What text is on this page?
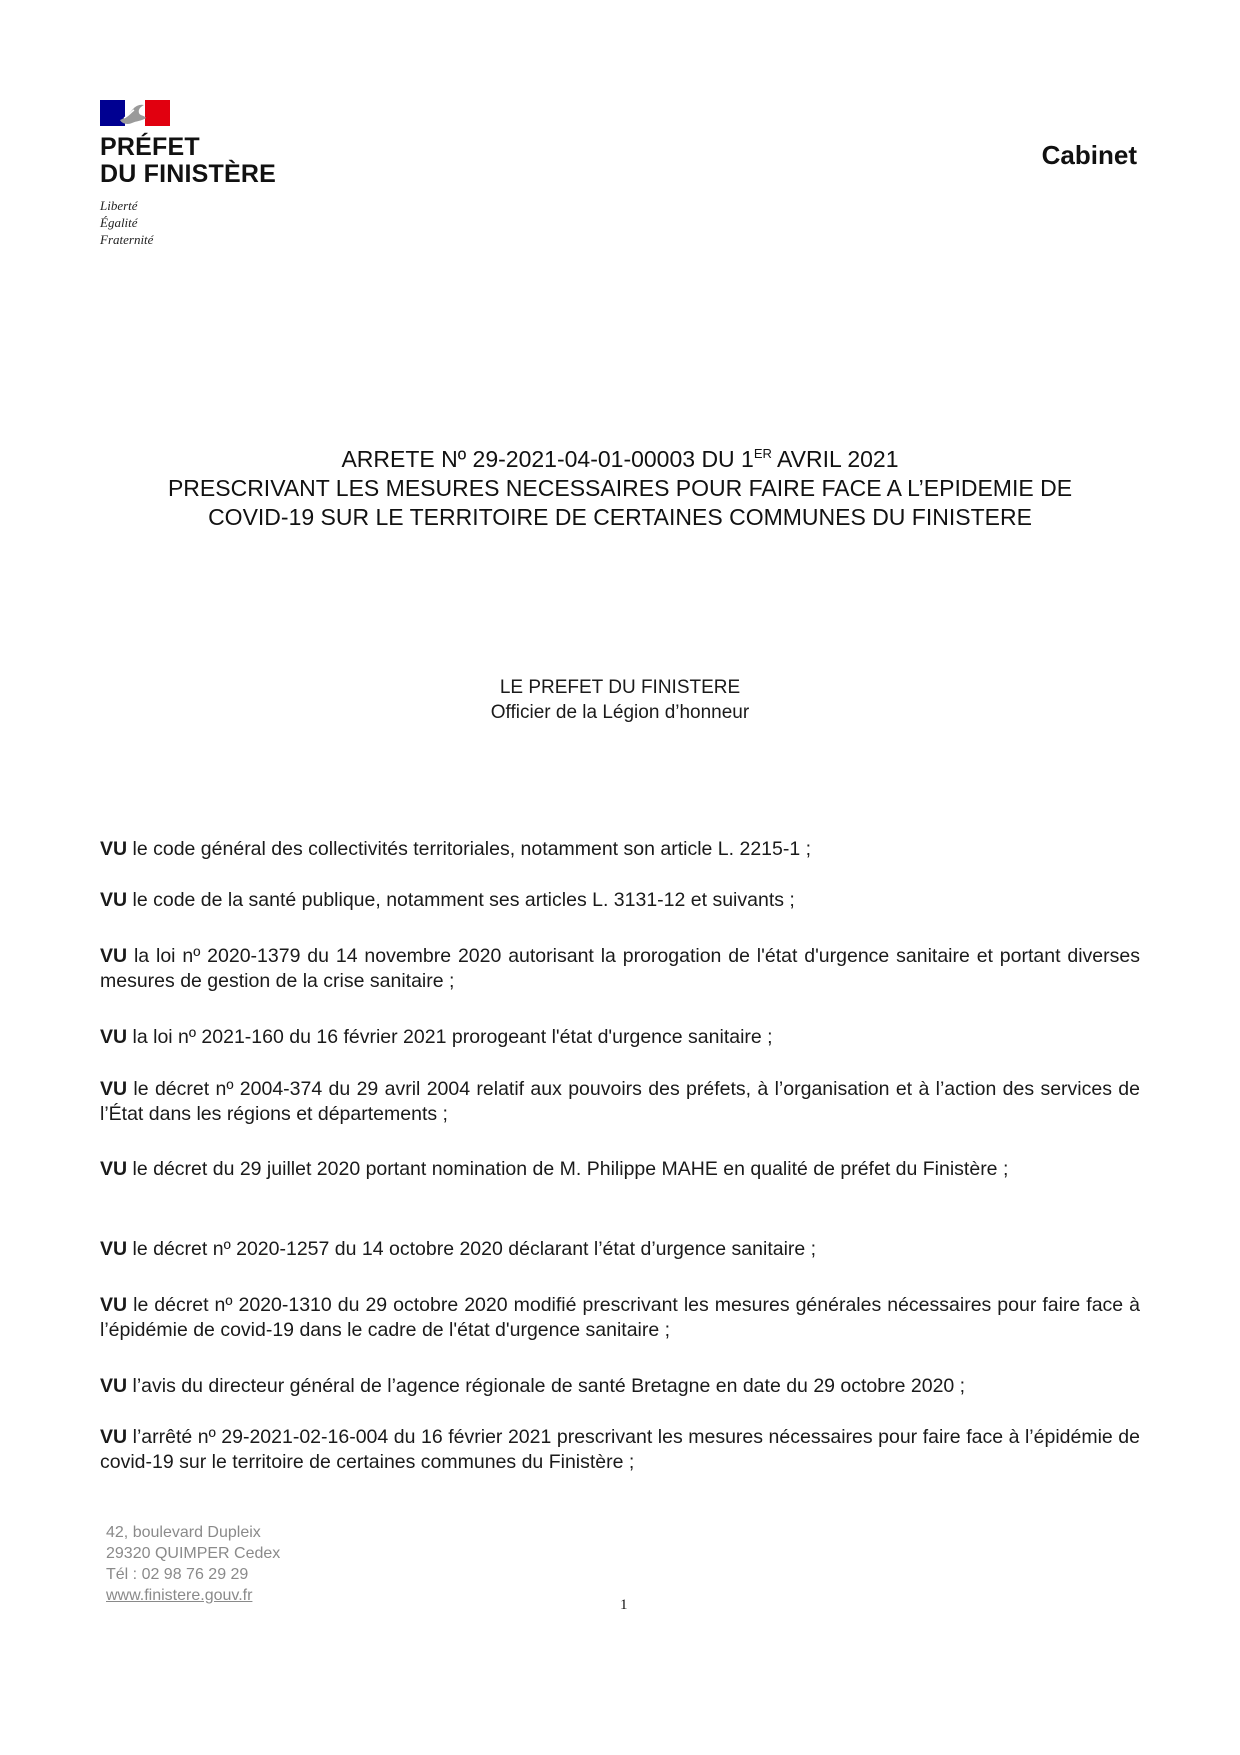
PRÉFET
DU FINISTÈRE
Liberté
Égalité
Fraternité
Cabinet
ARRETE Nº 29-2021-04-01-00003 DU 1ER AVRIL 2021
PRESCRIVANT LES MESURES NECESSAIRES POUR FAIRE FACE A L’EPIDEMIE DE
COVID-19 SUR LE TERRITOIRE DE CERTAINES COMMUNES DU FINISTERE
LE PREFET DU FINISTERE
Officier de la Légion d’honneur

VU le code général des collectivités territoriales, notamment son article L. 2215-1 ;

VU le code de la santé publique, notamment ses articles L. 3131-12 et suivants ;

VU la loi nº 2020-1379 du 14 novembre 2020 autorisant la prorogation de l'état d'urgence sanitaire et portant diverses mesures de gestion de la crise sanitaire ;

VU la loi nº 2021-160 du 16 février 2021 prorogeant l'état d'urgence sanitaire ;

VU le décret nº 2004-374 du 29 avril 2004 relatif aux pouvoirs des préfets, à l’organisation et à l’action des services de l’État dans les régions et départements ;

VU le décret du 29 juillet 2020 portant nomination de M. Philippe MAHE en qualité de préfet du Finistère ;

VU le décret nº 2020-1257 du 14 octobre 2020 déclarant l’état d’urgence sanitaire ;

VU le décret nº 2020-1310 du 29 octobre 2020 modifié prescrivant les mesures générales nécessaires pour faire face à l’épidémie de covid-19 dans le cadre de l'état d'urgence sanitaire ;

VU l’avis du directeur général de l’agence régionale de santé Bretagne en date du 29 octobre 2020 ;

VU l’arrêté nº 29-2021-02-16-004 du 16 février 2021 prescrivant les mesures nécessaires pour faire face à l’épidémie de covid-19 sur le territoire de certaines communes du Finistère ;

42, boulevard Dupleix
29320 QUIMPER Cedex
Tél : 02 98 76 29 29
www.finistere.gouv.fr
1
